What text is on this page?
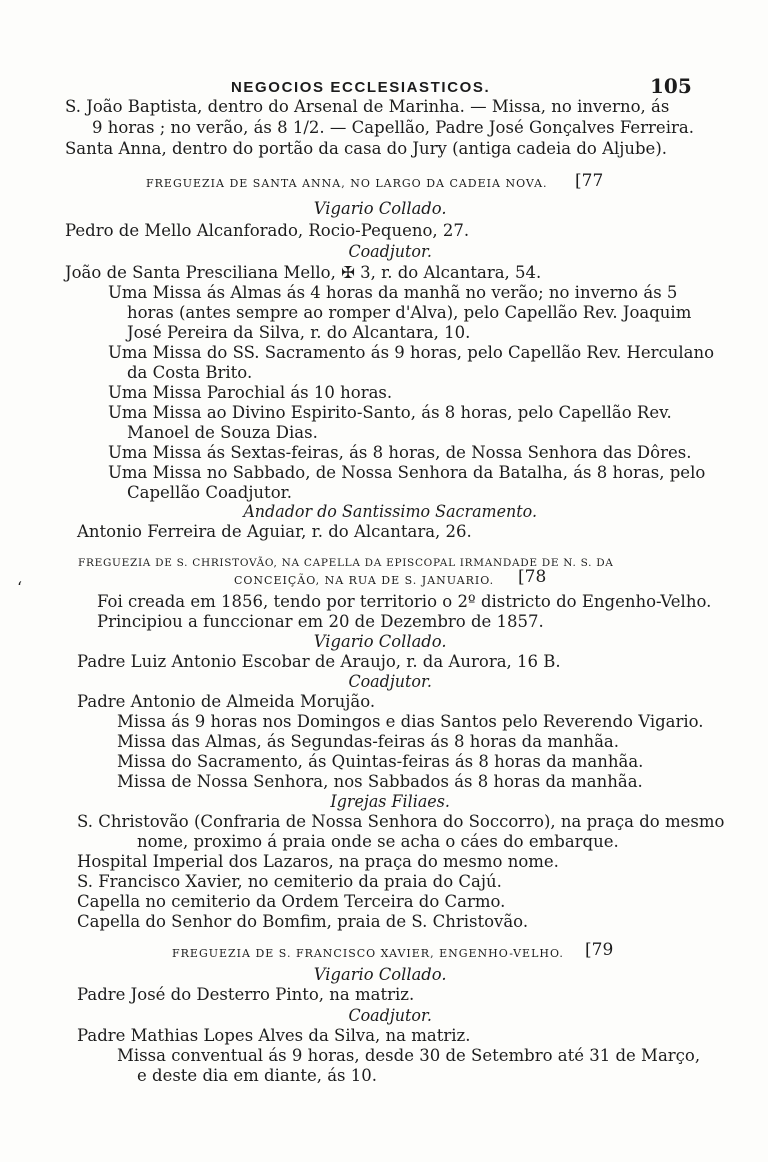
NEGOCIOS ECCLESIASTICOS.	105
S. João Baptista, dentro do Arsenal de Marinha. — Missa, no inverno, ás
9 horas ; no verão, ás 8 1/2. — Capellão, Padre José Gonçalves Ferreira.
Santa Anna, dentro do portão da casa do Jury (antiga cadeia do Aljube).
FREGUEZIA DE SANTA ANNA, NO LARGO DA CADEIA NOVA. [77
Vigario Collado.
Pedro de Mello Alcanforado, Rocio-Pequeno, 27.
Coadjutor.
João de Santa Presciliana Mello, ✠ 3, r. do Alcantara, 54.
Uma Missa ás Almas ás 4 horas da manhã no verão; no inverno ás 5
horas (antes sempre ao romper d'Alva), pelo Capellão Rev. Joaquim
José Pereira da Silva, r. do Alcantara, 10.
Uma Missa do SS. Sacramento ás 9 horas, pelo Capellão Rev. Herculano
da Costa Brito.
Uma Missa Parochial ás 10 horas.
Uma Missa ao Divino Espirito-Santo, ás 8 horas, pelo Capellão Rev.
Manoel de Souza Dias.
Uma Missa ás Sextas-feiras, ás 8 horas, de Nossa Senhora das Dôres.
Uma Missa no Sabbado, de Nossa Senhora da Batalha, ás 8 horas, pelo
Capellão Coadjutor.
Andador do Santissimo Sacramento.
Antonio Ferreira de Aguiar, r. do Alcantara, 26.
FREGUEZIA DE S. CHRISTOVÃO, NA CAPELLA DA EPISCOPAL IRMANDADE DE N. S. DA
CONCEIÇÃO, NA RUA DE S. JANUARIO. [78
ʻ
Foi creada em 1856, tendo por territorio o 2º districto do Engenho-Velho.
Principiou a funccionar em 20 de Dezembro de 1857.
Vigario Collado.
Padre Luiz Antonio Escobar de Araujo, r. da Aurora, 16 B.
Coadjutor.
Padre Antonio de Almeida Morujão.
Missa ás 9 horas nos Domingos e dias Santos pelo Reverendo Vigario.
Missa das Almas, ás Segundas-feiras ás 8 horas da manhãa.
Missa do Sacramento, ás Quintas-feiras ás 8 horas da manhãa.
Missa de Nossa Senhora, nos Sabbados ás 8 horas da manhãa.
Igrejas Filiaes.
S. Christovão (Confraria de Nossa Senhora do Soccorro), na praça do mesmo
nome, proximo á praia onde se acha o cáes do embarque.
Hospital Imperial dos Lazaros, na praça do mesmo nome.
S. Francisco Xavier, no cemiterio da praia do Cajú.
Capella no cemiterio da Ordem Terceira do Carmo.
Capella do Senhor do Bomfim, praia de S. Christovão.
FREGUEZIA DE S. FRANCISCO XAVIER, ENGENHO-VELHO. [79
Vigario Collado.
Padre José do Desterro Pinto, na matriz.
Coadjutor.
Padre Mathias Lopes Alves da Silva, na matriz.
Missa conventual ás 9 horas, desde 30 de Setembro até 31 de Março,
e deste dia em diante, ás 10.
